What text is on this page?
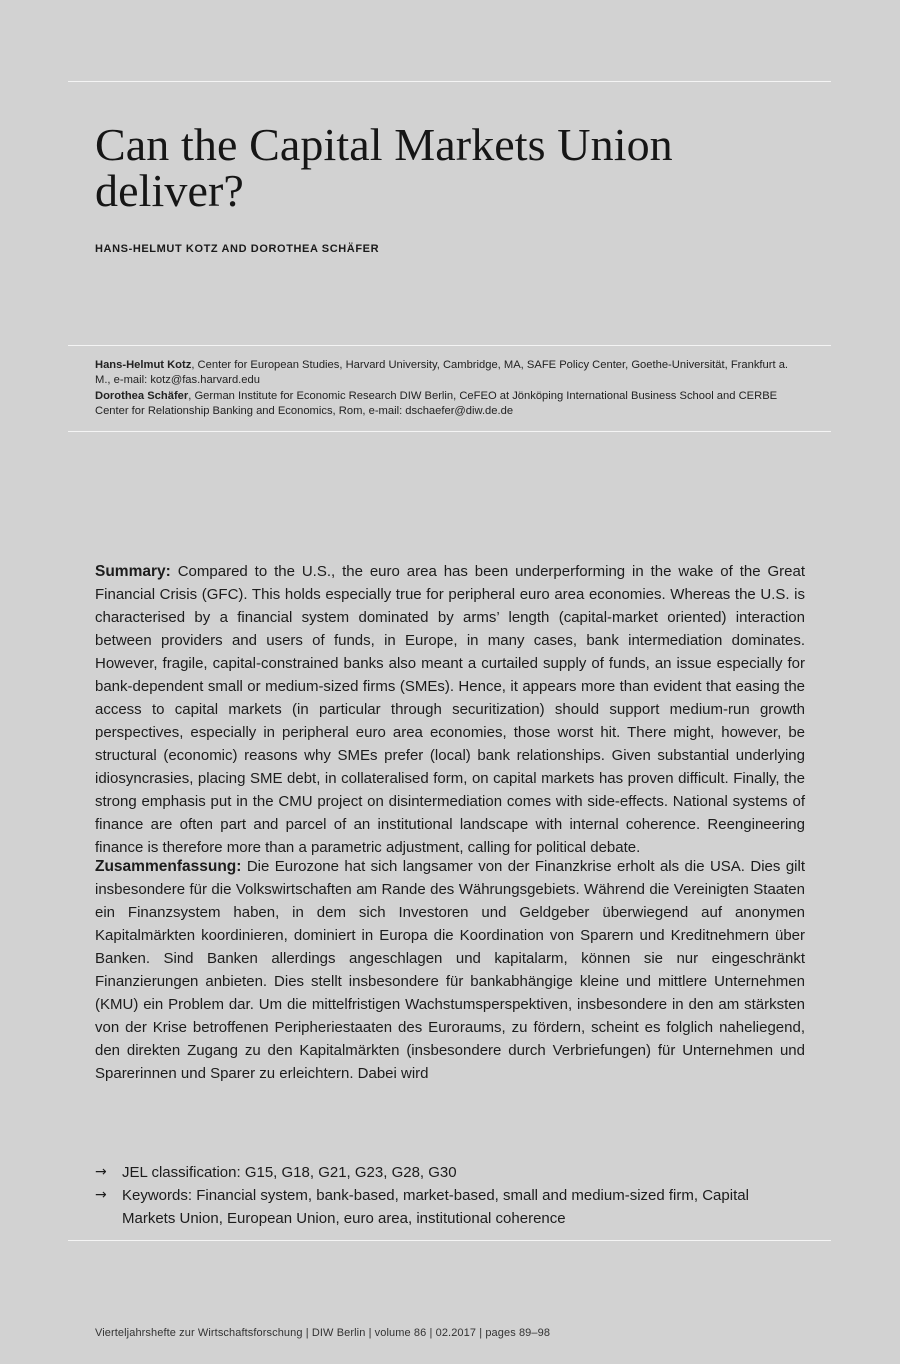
Can the Capital Markets Union deliver?

HANS-HELMUT KOTZ AND DOROTHEA SCHÄFER

Hans-Helmut Kotz, Center for European Studies, Harvard University, Cambridge, MA, SAFE Policy Center, Goethe-Universität, Frankfurt a. M., e-mail: kotz@fas.harvard.edu

Dorothea Schäfer, German Institute for Economic Research DIW Berlin, CeFEO at Jönköping International Business School and CERBE Center for Relationship Banking and Economics, Rom, e-mail: dschaefer@diw.de.de

Summary: Compared to the U.S., the euro area has been underperforming in the wake of the Great Financial Crisis (GFC). This holds especially true for peripheral euro area economies. Whereas the U.S. is characterised by a financial system dominated by arms’ length (capital-market oriented) interaction between providers and users of funds, in Europe, in many cases, bank intermediation dominates. However, fragile, capital-constrained banks also meant a curtailed supply of funds, an issue especially for bank-dependent small or medium-sized firms (SMEs). Hence, it appears more than evident that easing the access to capital markets (in particular through securitization) should support medium-run growth perspectives, especially in peripheral euro area economies, those worst hit. There might, however, be structural (economic) reasons why SMEs prefer (local) bank relationships. Given substantial underlying idiosyncrasies, placing SME debt, in collateralised form, on capital markets has proven difficult. Finally, the strong emphasis put in the CMU project on disintermediation comes with side-effects. National systems of finance are often part and parcel of an institutional landscape with internal coherence. Reengineering finance is therefore more than a parametric adjustment, calling for political debate.

Zusammenfassung: Die Eurozone hat sich langsamer von der Finanzkrise erholt als die USA. Dies gilt insbesondere für die Volkswirtschaften am Rande des Währungsgebiets. Während die Vereinigten Staaten ein Finanzsystem haben, in dem sich Investoren und Geldgeber überwiegend auf anonymen Kapitalmärkten koordinieren, dominiert in Europa die Koordination von Sparern und Kreditnehmern über Banken. Sind Banken allerdings angeschlagen und kapitalarm, können sie nur eingeschränkt Finanzierungen anbieten. Dies stellt insbesondere für bankabhängige kleine und mittlere Unternehmen (KMU) ein Problem dar. Um die mittelfristigen Wachstumsperspektiven, insbesondere in den am stärksten von der Krise betroffenen Peripheriestaaten des Euroraums, zu fördern, scheint es folglich naheliegend, den direkten Zugang zu den Kapitalmärkten (insbesondere durch Verbriefungen) für Unternehmen und Sparerinnen und Sparer zu erleichtern. Dabei wird

→ JEL classification: G15, G18, G21, G23, G28, G30
→ Keywords: Financial system, bank-based, market-based, small and medium-sized firm, Capital Markets Union, European Union, euro area, institutional coherence

Vierteljahrshefte zur Wirtschaftsforschung | DIW Berlin | volume 86 | 02.2017 | pages 89–98
